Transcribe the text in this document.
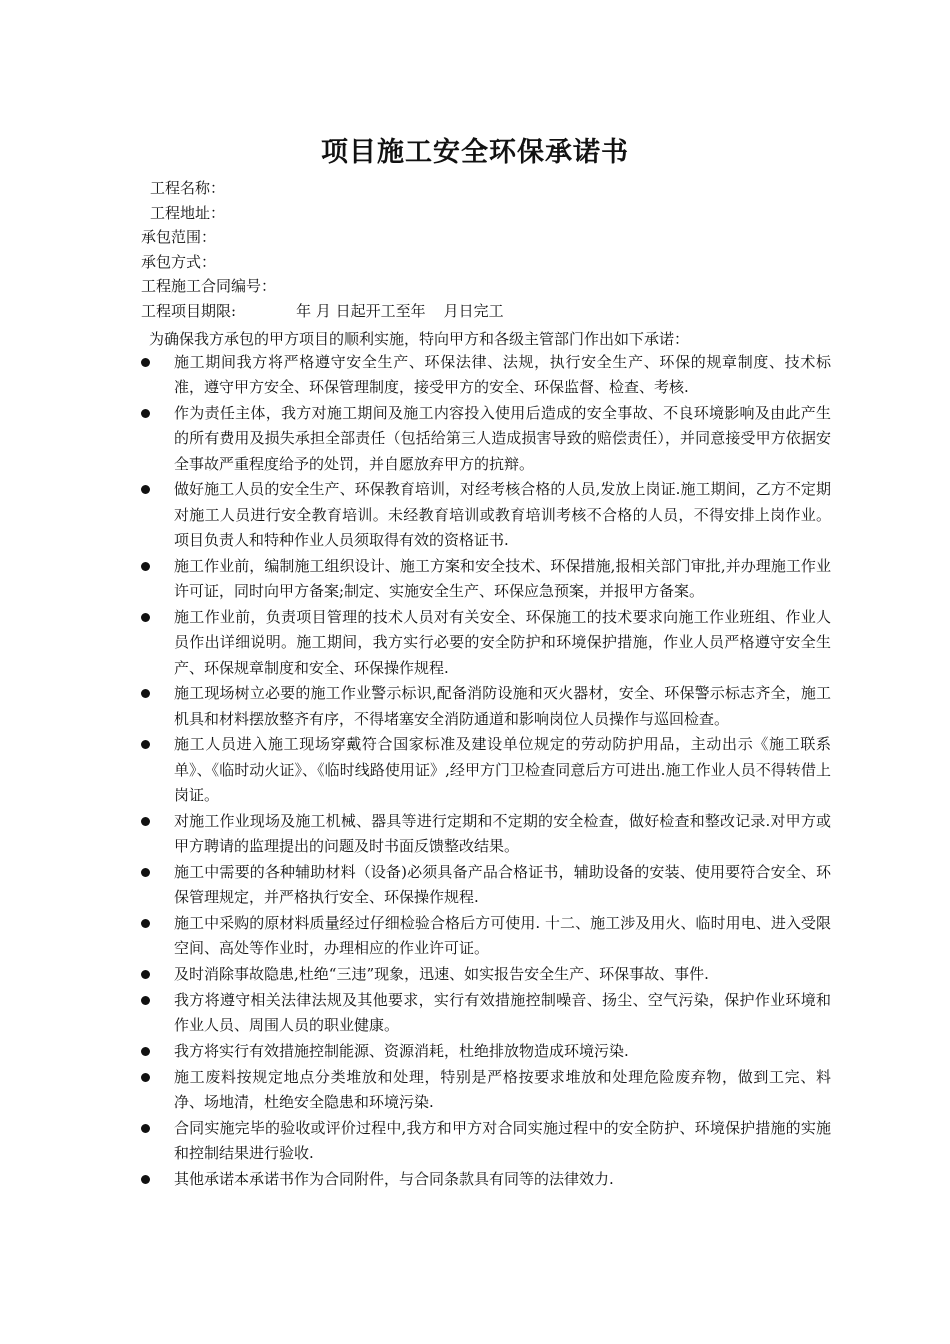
项目施工安全环保承诺书
工程名称：
工程地址：
承包范围：
承包方式：
工程施工合同编号：
工程项目期限:	年 月 日起开工至年 月日完工
为确保我方承包的甲方项目的顺利实施，特向甲方和各级主管部门作出如下承诺：
施工期间我方将严格遵守安全生产、环保法律、法规，执行安全生产、环保的规章制度、技术标准，遵守甲方安全、环保管理制度，接受甲方的安全、环保监督、检查、考核.
作为责任主体，我方对施工期间及施工内容投入使用后造成的安全事故、不良环境影响及由此产生的所有费用及损失承担全部责任（包括给第三人造成损害导致的赔偿责任），并同意接受甲方依据安全事故严重程度给予的处罚，并自愿放弃甲方的抗辩。
做好施工人员的安全生产、环保教育培训，对经考核合格的人员,发放上岗证.施工期间，乙方不定期对施工人员进行安全教育培训。未经教育培训或教育培训考核不合格的人员，不得安排上岗作业。项目负责人和特种作业人员须取得有效的资格证书.
施工作业前，编制施工组织设计、施工方案和安全技术、环保措施,报相关部门审批,并办理施工作业许可证，同时向甲方备案;制定、实施安全生产、环保应急预案，并报甲方备案。
施工作业前，负责项目管理的技术人员对有关安全、环保施工的技术要求向施工作业班组、作业人员作出详细说明。施工期间，我方实行必要的安全防护和环境保护措施，作业人员严格遵守安全生产、环保规章制度和安全、环保操作规程.
施工现场树立必要的施工作业警示标识,配备消防设施和灭火器材，安全、环保警示标志齐全，施工机具和材料摆放整齐有序，不得堵塞安全消防通道和影响岗位人员操作与巡回检查。
施工人员进入施工现场穿戴符合国家标准及建设单位规定的劳动防护用品，主动出示《施工联系单》、《临时动火证》、《临时线路使用证》,经甲方门卫检查同意后方可进出.施工作业人员不得转借上岗证。
对施工作业现场及施工机械、器具等进行定期和不定期的安全检查，做好检查和整改记录.对甲方或甲方聘请的监理提出的问题及时书面反馈整改结果。
施工中需要的各种辅助材料（设备)必须具备产品合格证书，辅助设备的安装、使用要符合安全、环保管理规定，并严格执行安全、环保操作规程.
施工中采购的原材料质量经过仔细检验合格后方可使用. 十二、施工涉及用火、临时用电、进入受限空间、高处等作业时，办理相应的作业许可证。
及时消除事故隐患,杜绝“三违”现象，迅速、如实报告安全生产、环保事故、事件.
我方将遵守相关法律法规及其他要求，实行有效措施控制噪音、扬尘、空气污染，保护作业环境和作业人员、周围人员的职业健康。
我方将实行有效措施控制能源、资源消耗，杜绝排放物造成环境污染.
施工废料按规定地点分类堆放和处理，特别是严格按要求堆放和处理危险废弃物，做到工完、料净、场地清，杜绝安全隐患和环境污染.
合同实施完毕的验收或评价过程中,我方和甲方对合同实施过程中的安全防护、环境保护措施的实施和控制结果进行验收.
其他承诺本承诺书作为合同附件，与合同条款具有同等的法律效力.
